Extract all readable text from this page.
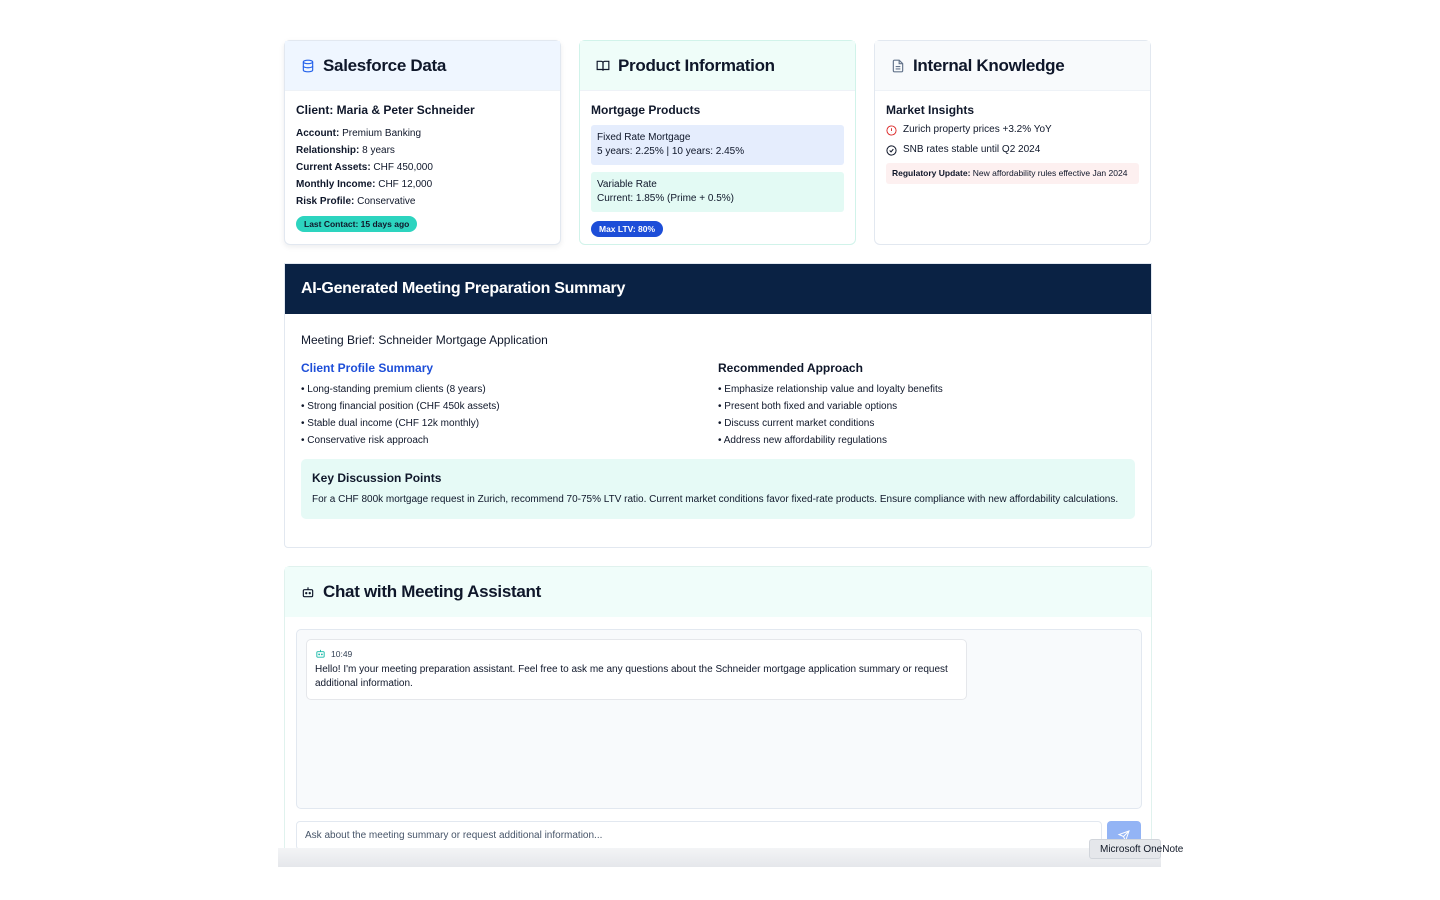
Salesforce Data
Client: Maria & Peter Schneider
Account: Premium Banking
Relationship: 8 years
Current Assets: CHF 450,000
Monthly Income: CHF 12,000
Risk Profile: Conservative
Last Contact: 15 days ago
Product Information
Mortgage Products
Fixed Rate Mortgage
5 years: 2.25% | 10 years: 2.45%
Variable Rate
Current: 1.85% (Prime + 0.5%)
Max LTV: 80%
Internal Knowledge
Market Insights
Zurich property prices +3.2% YoY
SNB rates stable until Q2 2024
Regulatory Update: New affordability rules effective Jan 2024
AI-Generated Meeting Preparation Summary
Meeting Brief: Schneider Mortgage Application
Client Profile Summary
• Long-standing premium clients (8 years)
• Strong financial position (CHF 450k assets)
• Stable dual income (CHF 12k monthly)
• Conservative risk approach
Recommended Approach
• Emphasize relationship value and loyalty benefits
• Present both fixed and variable options
• Discuss current market conditions
• Address new affordability regulations
Key Discussion Points

For a CHF 800k mortgage request in Zurich, recommend 70-75% LTV ratio. Current market conditions favor fixed-rate products. Ensure compliance with new affordability calculations.

Chat with Meeting Assistant
10:49
Hello! I'm your meeting preparation assistant. Feel free to ask me any questions about the Schneider mortgage application summary or request additional information.
Ask about the meeting summary or request additional information...
Microsoft OneNote
